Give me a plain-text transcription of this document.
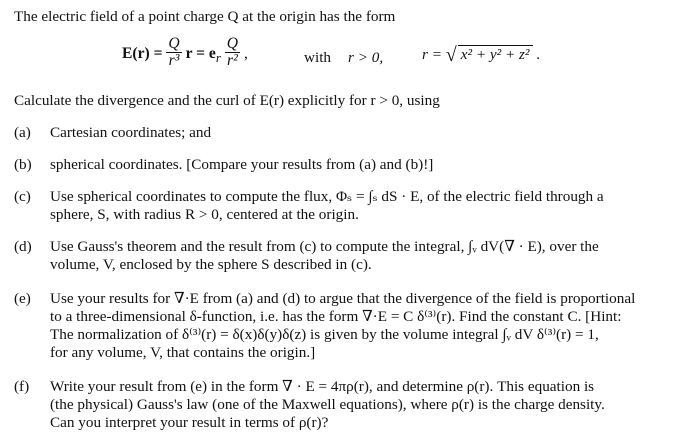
The electric field of a point charge Q at the origin has the form
$E(r) = \frac{Q}{\text{r³}}$ $r = e_r \frac{Q}{\text{r²}}$ ,	with r > 0,	r = √ x² + y² + z² .
Calculate the divergence and the curl of E(r) explicitly for r > 0, using
(a) Cartesian coordinates; and
(b) spherical coordinates. [Compare your results from (a) and (b)!]
(c) Use spherical coordinates to compute the flux, Φₛ = ∫ₛ dS · E, of the electric field through a
sphere, S, with radius R > 0, centered at the origin.
(d) Use Gauss's theorem and the result from (c) to compute the integral, ∫ᵥ dV(∇ · E), over the
volume, V, enclosed by the sphere S described in (c).
(e) Use your results for ∇·E from (a) and (d) to argue that the divergence of the field is proportional
to a three-dimensional δ-function, i.e. has the form ∇·E = C δ⁽³⁾(r). Find the constant C. [Hint:
The normalization of δ⁽³⁾(r) = δ(x)δ(y)δ(z) is given by the volume integral ∫ᵥ dV δ⁽³⁾(r) = 1,
for any volume, V, that contains the origin.]
(f) Write your result from (e) in the form ∇ · E = 4πρ(r), and determine ρ(r). This equation is
(the physical) Gauss's law (one of the Maxwell equations), where ρ(r) is the charge density.
Can you interpret your result in terms of ρ(r)?
